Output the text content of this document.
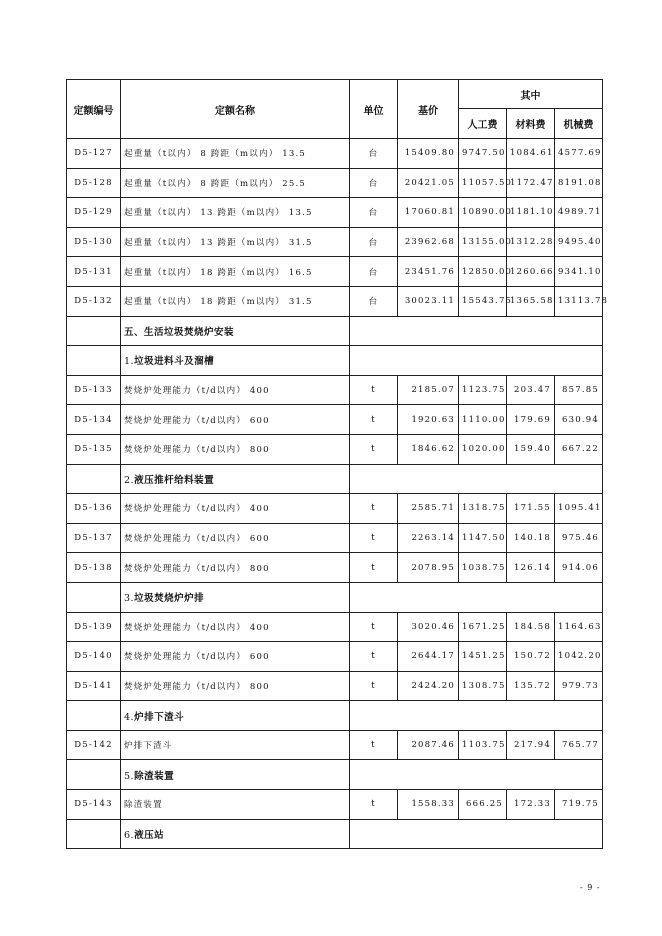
定额编号	定额名称	单位	基价	其中		
				人工费	材料费	机械费
D5-127	起重量（t以内） 8 跨距（m以内） 13.5	台	15409.80	9747.50	1084.61	4577.69
D5-128	起重量（t以内） 8 跨距（m以内） 25.5	台	20421.05	11057.50	1172.47	8191.08
D5-129	起重量（t以内） 13 跨距（m以内） 13.5	台	17060.81	10890.00	1181.10	4989.71
D5-130	起重量（t以内） 13 跨距（m以内） 31.5	台	23962.68	13155.00	1312.28	9495.40
D5-131	起重量（t以内） 18 跨距（m以内） 16.5	台	23451.76	12850.00	1260.66	9341.10
D5-132	起重量（t以内） 18 跨距（m以内） 31.5	台	30023.11	15543.75	1365.58	13113.78
	五、生活垃圾焚烧炉安装					
	1.垃圾进料斗及溜槽					
D5-133	焚烧炉处理能力（t/d以内） 400	t	2185.07	1123.75	203.47	857.85
D5-134	焚烧炉处理能力（t/d以内） 600	t	1920.63	1110.00	179.69	630.94
D5-135	焚烧炉处理能力（t/d以内） 800	t	1846.62	1020.00	159.40	667.22
	2.液压推杆给料装置					
D5-136	焚烧炉处理能力（t/d以内） 400	t	2585.71	1318.75	171.55	1095.41
D5-137	焚烧炉处理能力（t/d以内） 600	t	2263.14	1147.50	140.18	975.46
D5-138	焚烧炉处理能力（t/d以内） 800	t	2078.95	1038.75	126.14	914.06
	3.垃圾焚烧炉炉排					
D5-139	焚烧炉处理能力（t/d以内） 400	t	3020.46	1671.25	184.58	1164.63
D5-140	焚烧炉处理能力（t/d以内） 600	t	2644.17	1451.25	150.72	1042.20
D5-141	焚烧炉处理能力（t/d以内） 800	t	2424.20	1308.75	135.72	979.73
	4.炉排下渣斗					
D5-142	炉排下渣斗	t	2087.46	1103.75	217.94	765.77
	5.除渣装置					
D5-143	除渣装置	t	1558.33	666.25	172.33	719.75
	6.液压站					
- 9 -
